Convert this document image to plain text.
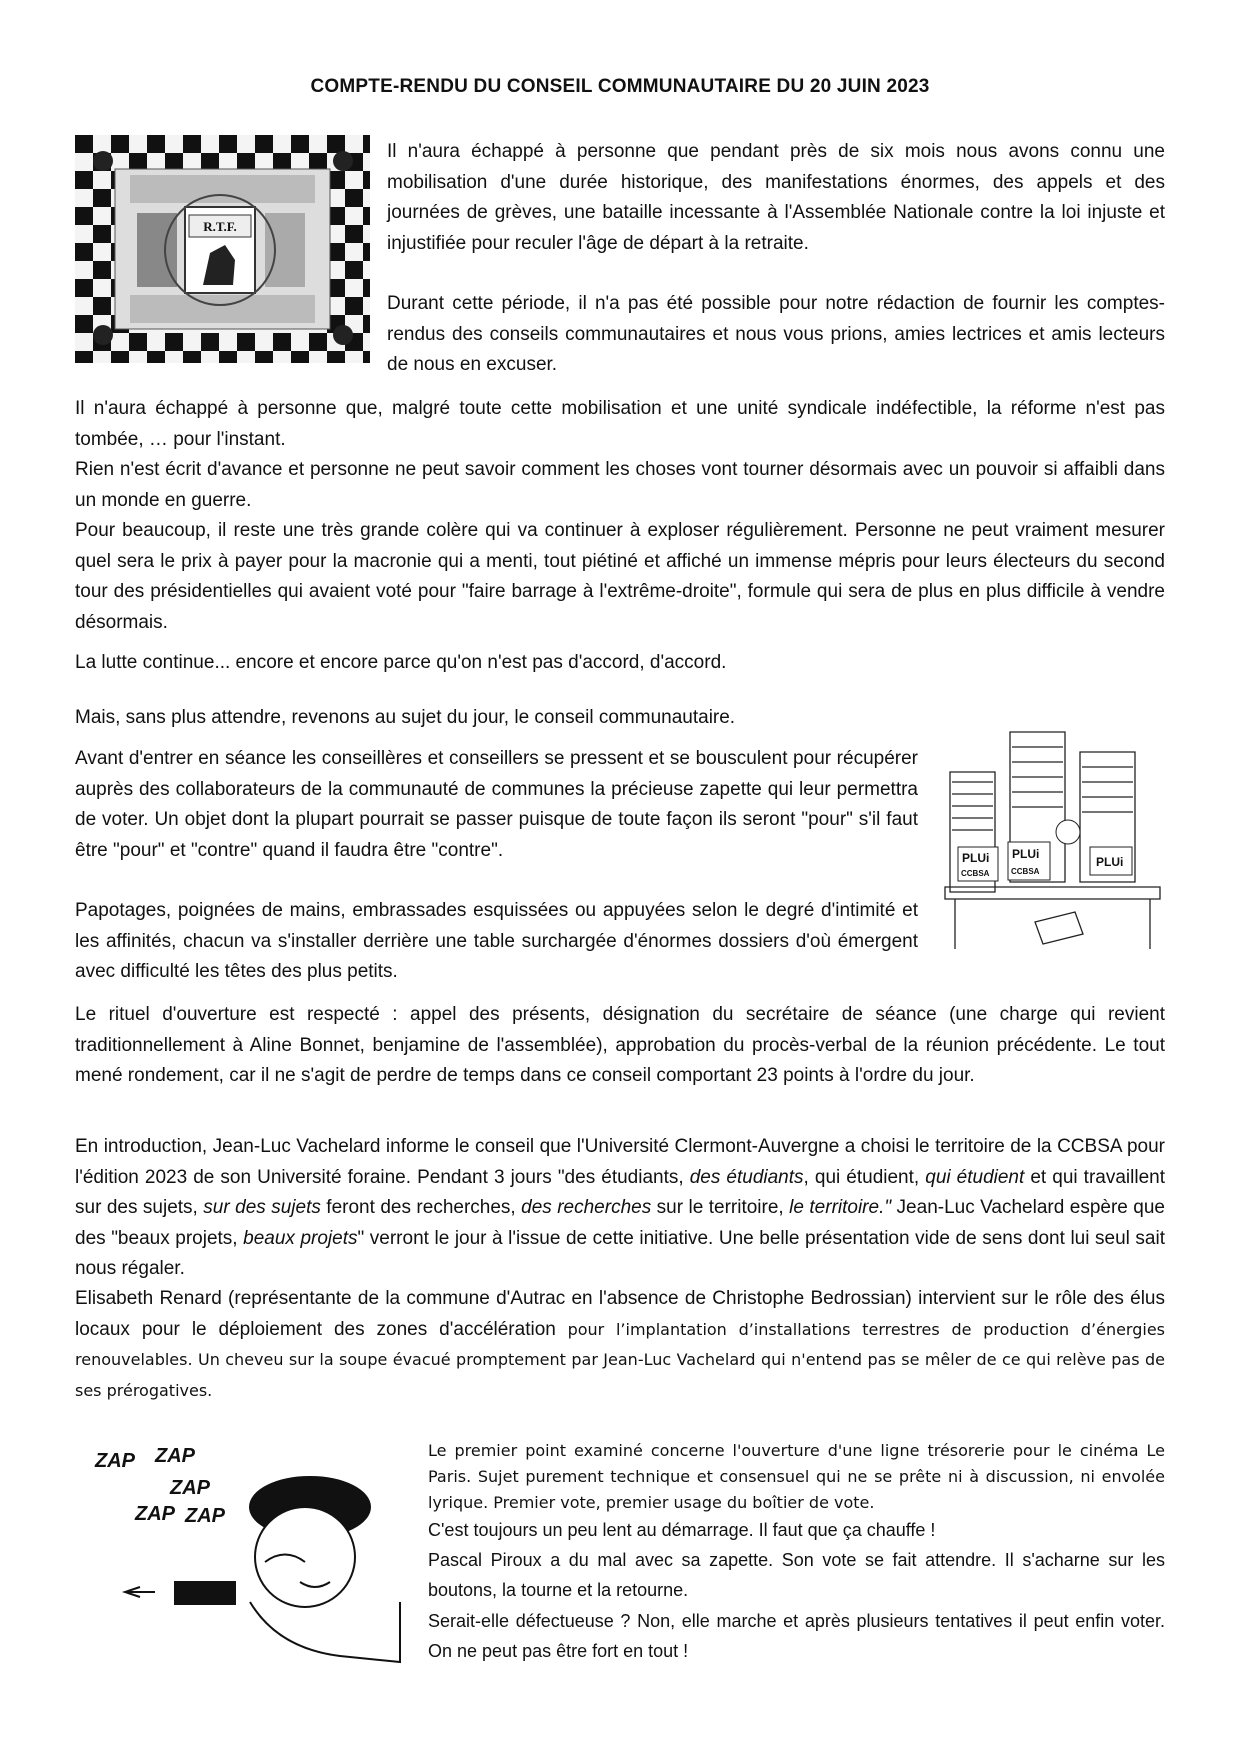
COMPTE-RENDU DU CONSEIL COMMUNAUTAIRE DU 20 JUIN 2023
R.T.F.

Il n'aura échappé à personne que pendant près de six mois nous avons connu une mobilisation d'une durée historique, des manifestations énormes, des appels et des journées de grèves, une bataille incessante à l'Assemblée Nationale contre la loi injuste et injustifiée pour reculer l'âge de départ à la retraite.

Durant cette période, il n'a pas été possible pour notre rédaction de fournir les comptes-rendus des conseils communautaires et nous vous prions, amies lectrices et amis lecteurs de nous en excuser.

Il n'aura échappé à personne que, malgré toute cette mobilisation et une unité syndicale indéfectible, la réforme n'est pas tombée, … pour l'instant.

Rien n'est écrit d'avance et personne ne peut savoir comment les choses vont tourner désormais avec un pouvoir si affaibli dans un monde en guerre.

Pour beaucoup, il reste une très grande colère qui va continuer à exploser régulièrement. Personne ne peut vraiment mesurer quel sera le prix à payer pour la macronie qui a menti, tout piétiné et affiché un immense mépris pour leurs électeurs du second tour des présidentielles qui avaient voté pour "faire barrage à l'extrême-droite", formule qui sera de plus en plus difficile à vendre désormais.

La lutte continue... encore et encore parce qu'on n'est pas d'accord, d'accord.

Mais, sans plus attendre, revenons au sujet du jour, le conseil communautaire.

Avant d'entrer en séance les conseillères et conseillers se pressent et se bousculent pour récupérer auprès des collaborateurs de la communauté de communes la précieuse zapette qui leur permettra de voter. Un objet dont la plupart pourrait se passer puisque de toute façon ils seront "pour" s'il faut être "pour" et "contre" quand il faudra être "contre".

Papotages, poignées de mains, embrassades esquissées ou appuyées selon le degré d'intimité et les affinités, chacun va s'installer derrière une table surchargée d'énormes dossiers d'où émergent avec difficulté les têtes des plus petits.

PLUi
CCBSA
PLUi
CCBSA
PLUi

Le rituel d'ouverture est respecté : appel des présents, désignation du secrétaire de séance (une charge qui revient traditionnellement à Aline Bonnet, benjamine de l'assemblée), approbation du procès-verbal de la réunion précédente. Le tout mené rondement, car il ne s'agit de perdre de temps dans ce conseil comportant 23 points à l'ordre du jour.

En introduction, Jean-Luc Vachelard informe le conseil que l'Université Clermont-Auvergne a choisi le territoire de la CCBSA pour l'édition 2023 de son Université foraine. Pendant 3 jours "des étudiants, des étudiants, qui étudient, qui étudient et qui travaillent sur des sujets, sur des sujets feront des recherches, des recherches sur le territoire, le territoire." Jean-Luc Vachelard espère que des "beaux projets, beaux projets" verront le jour à l'issue de cette initiative. Une belle présentation vide de sens dont lui seul sait nous régaler.

Elisabeth Renard (représentante de la commune d'Autrac en l'absence de Christophe Bedrossian) intervient sur le rôle des élus locaux pour le déploiement des zones d'accélération pour l’implantation d’installations terrestres de production d’énergies renouvelables. Un cheveu sur la soupe évacué promptement par Jean-Luc Vachelard qui n'entend pas se mêler de ce qui relève pas de ses prérogatives.

ZAP ZAP
ZAP
ZAP ZAP
ZAP ZAP ZAP ZAP ZAP	Le premier point examiné concerne l'ouverture d'une ligne trésorerie pour le cinéma Le Paris. Sujet purement technique et consensuel qui ne se prête ni à discussion, ni envolée lyrique. Premier vote, premier usage du boîtier de vote.

C'est toujours un peu lent au démarrage. Il faut que ça chauffe !

Pascal Piroux a du mal avec sa zapette. Son vote se fait attendre. Il s'acharne sur les boutons, la tourne et la retourne.

Serait-elle défectueuse ? Non, elle marche et après plusieurs tentatives il peut enfin voter. On ne peut pas être fort en tout !
